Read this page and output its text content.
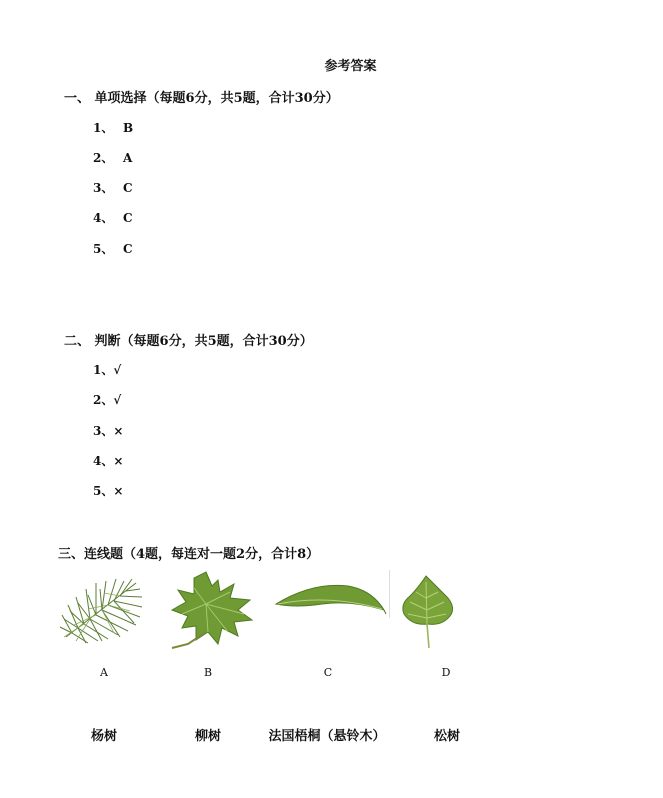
参考答案
一、 单项选择（每题6分，共5题，合计30分）
1、 B
2、 A
3、 C
4、 C
5、 C
二、 判断（每题6分，共5题，合计30分）
1、√
2、√
3、×
4、×
5、×
三、连线题（4题，每连对一题2分，合计8）
A	B	C	D
杨树	柳树	法国梧桐（悬铃木）	松树
